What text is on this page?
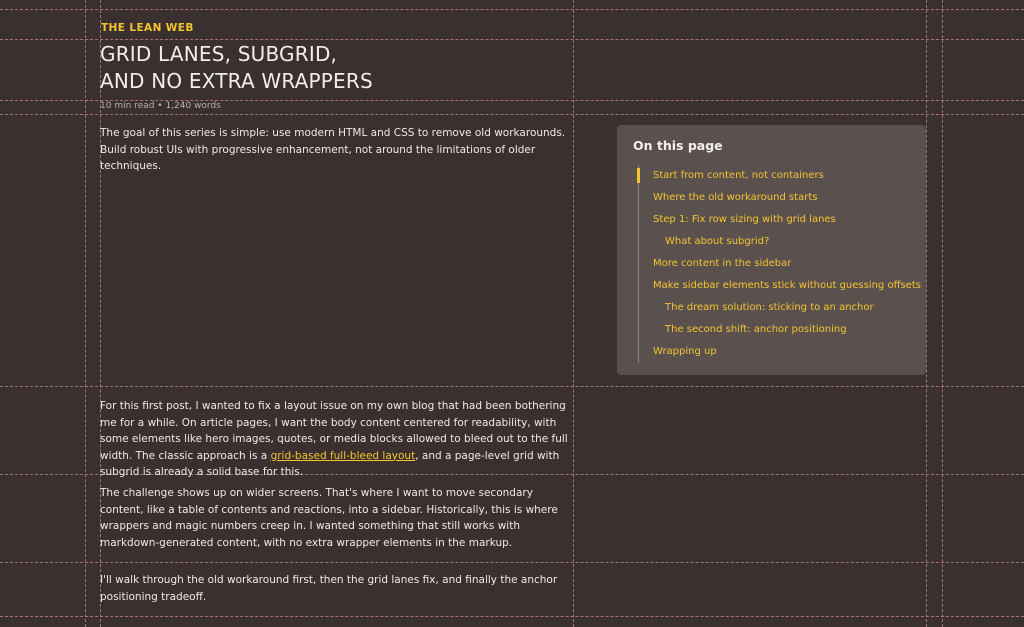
THE LEAN WEB
GRID LANES, SUBGRID,
AND NO EXTRA WRAPPERS
10 min read • 1,240 words

The goal of this series is simple: use modern HTML and CSS to remove old workarounds. Build robust UIs with progressive enhancement, not around the limitations of older techniques.

For this first post, I wanted to fix a layout issue on my own blog that had been bothering me for a while. On article pages, I want the body content centered for readability, with some elements like hero images, quotes, or media blocks allowed to bleed out to the full width. The classic approach is a grid-based full-bleed layout, and a page-level grid with subgrid is already a solid base for this.

The challenge shows up on wider screens. That's where I want to move secondary content, like a table of contents and reactions, into a sidebar. Historically, this is where wrappers and magic numbers creep in. I wanted something that still works with markdown-generated content, with no extra wrapper elements in the markup.

I'll walk through the old workaround first, then the grid lanes fix, and finally the anchor positioning tradeoff.

On this page
Start from content, not containers
Where the old workaround starts
Step 1: Fix row sizing with grid lanes
What about subgrid?
More content in the sidebar
Make sidebar elements stick without guessing offsets
The dream solution: sticking to an anchor
The second shift: anchor positioning
Wrapping up
